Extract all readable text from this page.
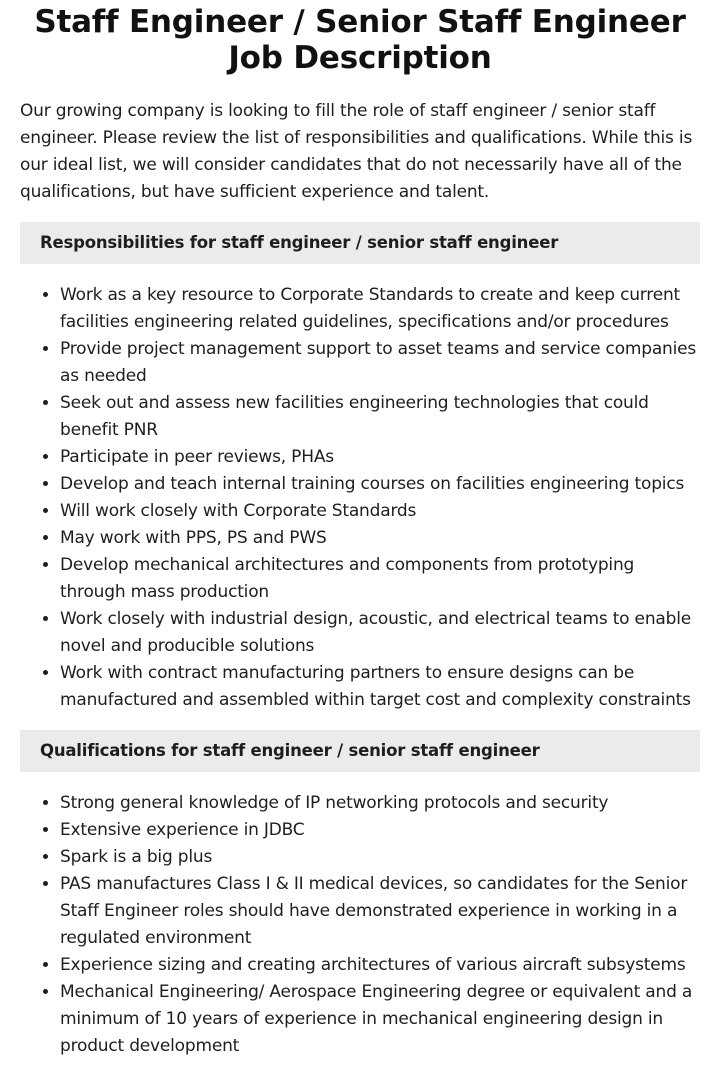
Staff Engineer / Senior Staff Engineer Job Description

Our growing company is looking to fill the role of staff engineer / senior staff engineer. Please review the list of responsibilities and qualifications. While this is our ideal list, we will consider candidates that do not necessarily have all of the qualifications, but have sufficient experience and talent.

Responsibilities for staff engineer / senior staff engineer
• Work as a key resource to Corporate Standards to create and keep current facilities engineering related guidelines, specifications and/or procedures
• Provide project management support to asset teams and service companies as needed
• Seek out and assess new facilities engineering technologies that could benefit PNR
• Participate in peer reviews, PHAs
• Develop and teach internal training courses on facilities engineering topics
• Will work closely with Corporate Standards
• May work with PPS, PS and PWS
• Develop mechanical architectures and components from prototyping through mass production
• Work closely with industrial design, acoustic, and electrical teams to enable novel and producible solutions
• Work with contract manufacturing partners to ensure designs can be manufactured and assembled within target cost and complexity constraints
Qualifications for staff engineer / senior staff engineer
• Strong general knowledge of IP networking protocols and security
• Extensive experience in JDBC
• Spark is a big plus
• PAS manufactures Class I & II medical devices, so candidates for the Senior Staff Engineer roles should have demonstrated experience in working in a regulated environment
• Experience sizing and creating architectures of various aircraft subsystems
• Mechanical Engineering/ Aerospace Engineering degree or equivalent and a minimum of 10 years of experience in mechanical engineering design in product development
